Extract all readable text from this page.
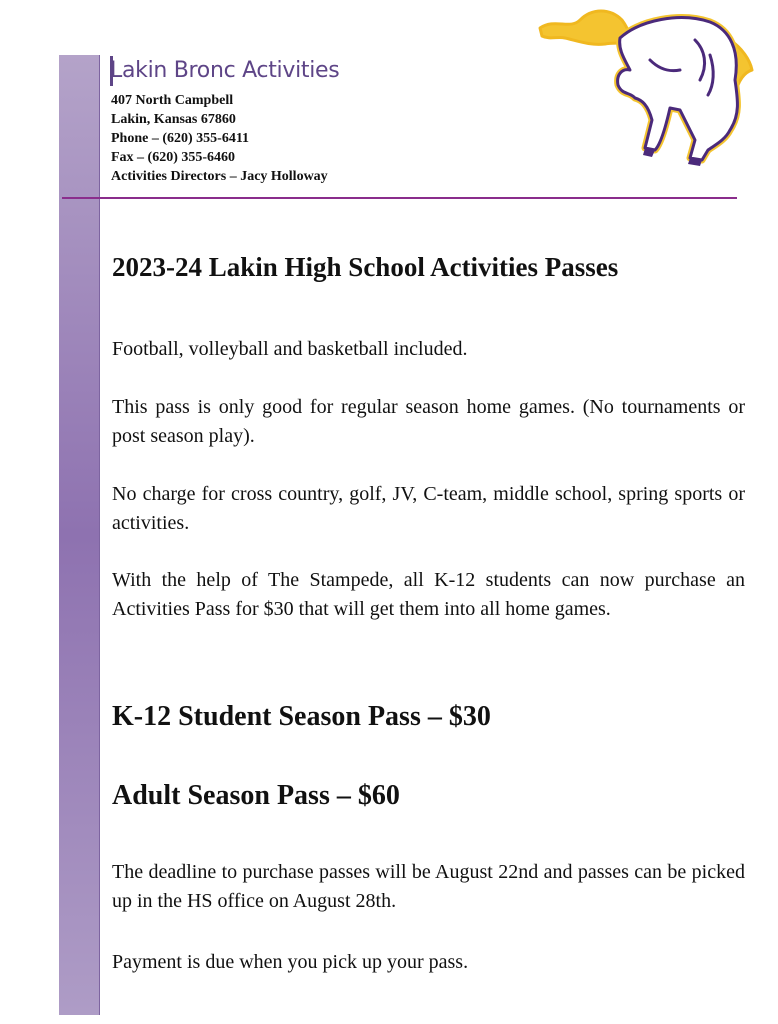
Lakin Bronc Activities
407 North Campbell
Lakin, Kansas 67860
Phone – (620) 355-6411
Fax – (620) 355-6460
Activities Directors – Jacy Holloway
2023-24 Lakin High School Activities Passes

Football, volleyball and basketball included.

This pass is only good for regular season home games. (No tournaments or post season play).

No charge for cross country, golf, JV, C-team, middle school, spring sports or activities.

With the help of The Stampede, all K-12 students can now purchase an Activities Pass for $30 that will get them into all home games.

K-12 Student Season Pass – $30
Adult Season Pass – $60

The deadline to purchase passes will be August 22nd and passes can be picked up in the HS office on August 28th.

Payment is due when you pick up your pass.
